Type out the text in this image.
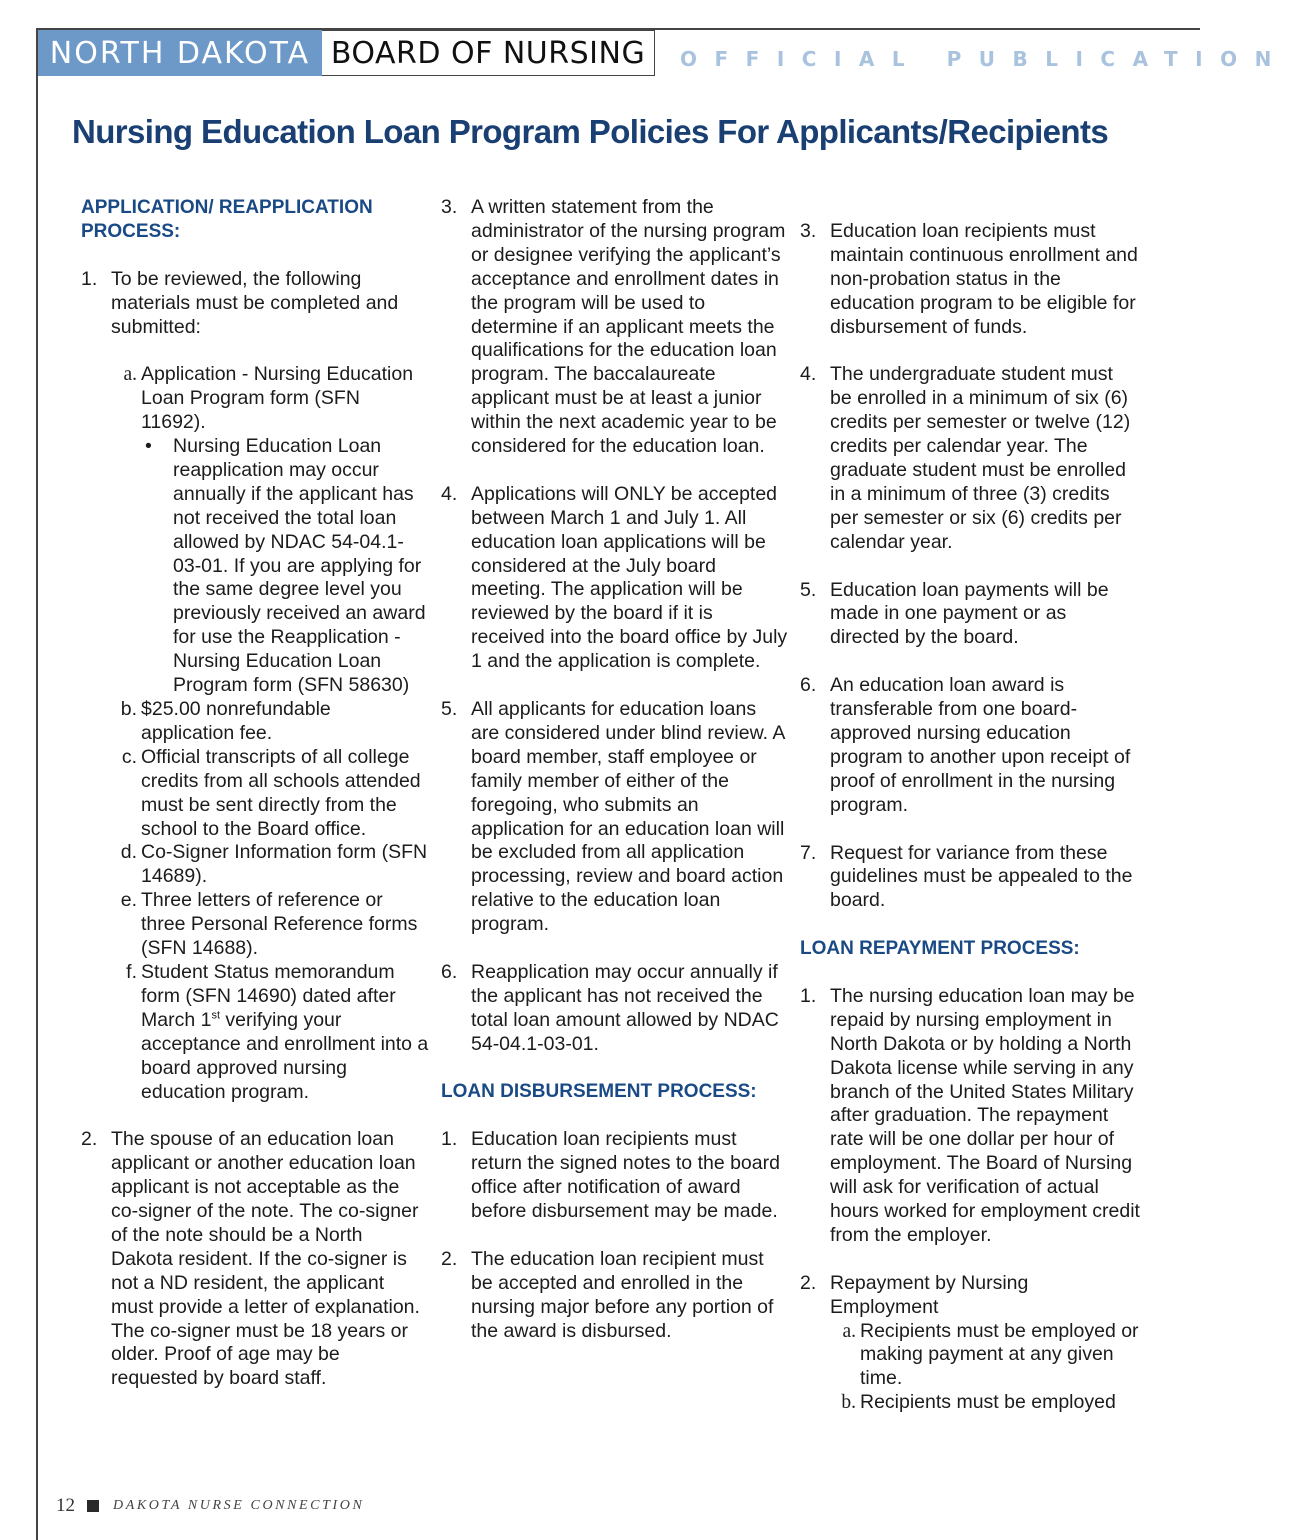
NORTH DAKOTA BOARD OF NURSING	OFFICIAL PUBLICATION
Nursing Education Loan Program Policies For Applicants/Recipients

APPLICATION/ REAPPLICATION PROCESS:

1. To be reviewed, the following materials must be completed and submitted:

a. Application - Nursing Education Loan Program form (SFN 11692).

• Nursing Education Loan reapplication may occur annually if the applicant has not received the total loan allowed by NDAC 54-04.1-03-01. If you are applying for the same degree level you previously received an award for use the Reapplication - Nursing Education Loan Program form (SFN 58630)

b. $25.00 nonrefundable application fee.

c. Official transcripts of all college credits from all schools attended must be sent directly from the school to the Board office.

d. Co-Signer Information form (SFN 14689).

e. Three letters of reference or three Personal Reference forms (SFN 14688).

f. Student Status memorandum form (SFN 14690) dated after March 1st verifying your acceptance and enrollment into a board approved nursing education program.

2. The spouse of an education loan applicant or another education loan applicant is not acceptable as the co-signer of the note. The co-signer of the note should be a North Dakota resident. If the co-signer is not a ND resident, the applicant must provide a letter of explanation. The co-signer must be 18 years or older. Proof of age may be requested by board staff.

3. A written statement from the administrator of the nursing program or designee verifying the applicant’s acceptance and enrollment dates in the program will be used to determine if an applicant meets the qualifications for the education loan program. The baccalaureate applicant must be at least a junior within the next academic year to be considered for the education loan.

4. Applications will ONLY be accepted between March 1 and July 1. All education loan applications will be considered at the July board meeting. The application will be reviewed by the board if it is received into the board office by July 1 and the application is complete.

5. All applicants for education loans are considered under blind review. A board member, staff employee or family member of either of the foregoing, who submits an application for an education loan will be excluded from all application processing, review and board action relative to the education loan program.

6. Reapplication may occur annually if the applicant has not received the total loan amount allowed by NDAC 54-04.1-03-01.

LOAN DISBURSEMENT PROCESS:

1. Education loan recipients must return the signed notes to the board office after notification of award before disbursement may be made.

2. The education loan recipient must be accepted and enrolled in the nursing major before any portion of the award is disbursed.

3. Education loan recipients must maintain continuous enrollment and non-probation status in the education program to be eligible for disbursement of funds.

4. The undergraduate student must be enrolled in a minimum of six (6) credits per semester or twelve (12) credits per calendar year. The graduate student must be enrolled in a minimum of three (3) credits per semester or six (6) credits per calendar year.

5. Education loan payments will be made in one payment or as directed by the board.

6. An education loan award is transferable from one board-approved nursing education program to another upon receipt of proof of enrollment in the nursing program.

7. Request for variance from these guidelines must be appealed to the board.

LOAN REPAYMENT PROCESS:

1. The nursing education loan may be repaid by nursing employment in North Dakota or by holding a North Dakota license while serving in any branch of the United States Military after graduation. The repayment rate will be one dollar per hour of employment. The Board of Nursing will ask for verification of actual hours worked for employment credit from the employer.

2. Repayment by Nursing Employment

a. Recipients must be employed or making payment at any given time.

b. Recipients must be employed

12	DAKOTA NURSE CONNECTION
